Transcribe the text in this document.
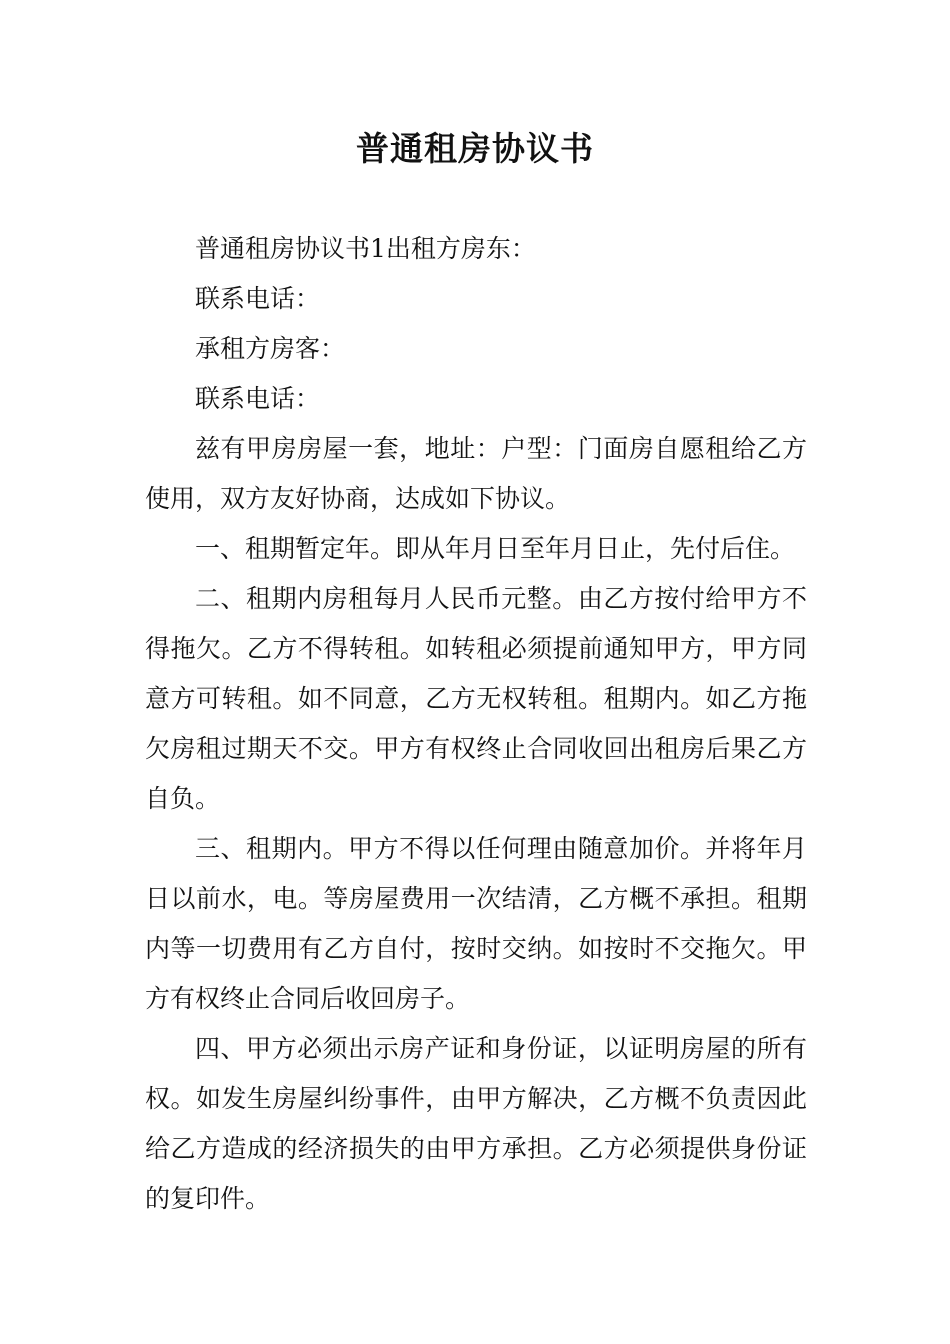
普通租房协议书

普通租房协议书1出租方房东：

联系电话：

承租方房客：

联系电话：

兹有甲房房屋一套，地址：户型：门面房自愿租给乙方使用，双方友好协商，达成如下协议。

一、租期暂定年。即从年月日至年月日止，先付后住。

二、租期内房租每月人民币元整。由乙方按付给甲方不得拖欠。乙方不得转租。如转租必须提前通知甲方，甲方同意方可转租。如不同意，乙方无权转租。租期内。如乙方拖欠房租过期天不交。甲方有权终止合同收回出租房后果乙方自负。

三、租期内。甲方不得以任何理由随意加价。并将年月日以前水，电。等房屋费用一次结清，乙方概不承担。租期内等一切费用有乙方自付，按时交纳。如按时不交拖欠。甲方有权终止合同后收回房子。

四、甲方必须出示房产证和身份证，以证明房屋的所有权。如发生房屋纠纷事件，由甲方解决，乙方概不负责因此给乙方造成的经济损失的由甲方承担。乙方必须提供身份证的复印件。
